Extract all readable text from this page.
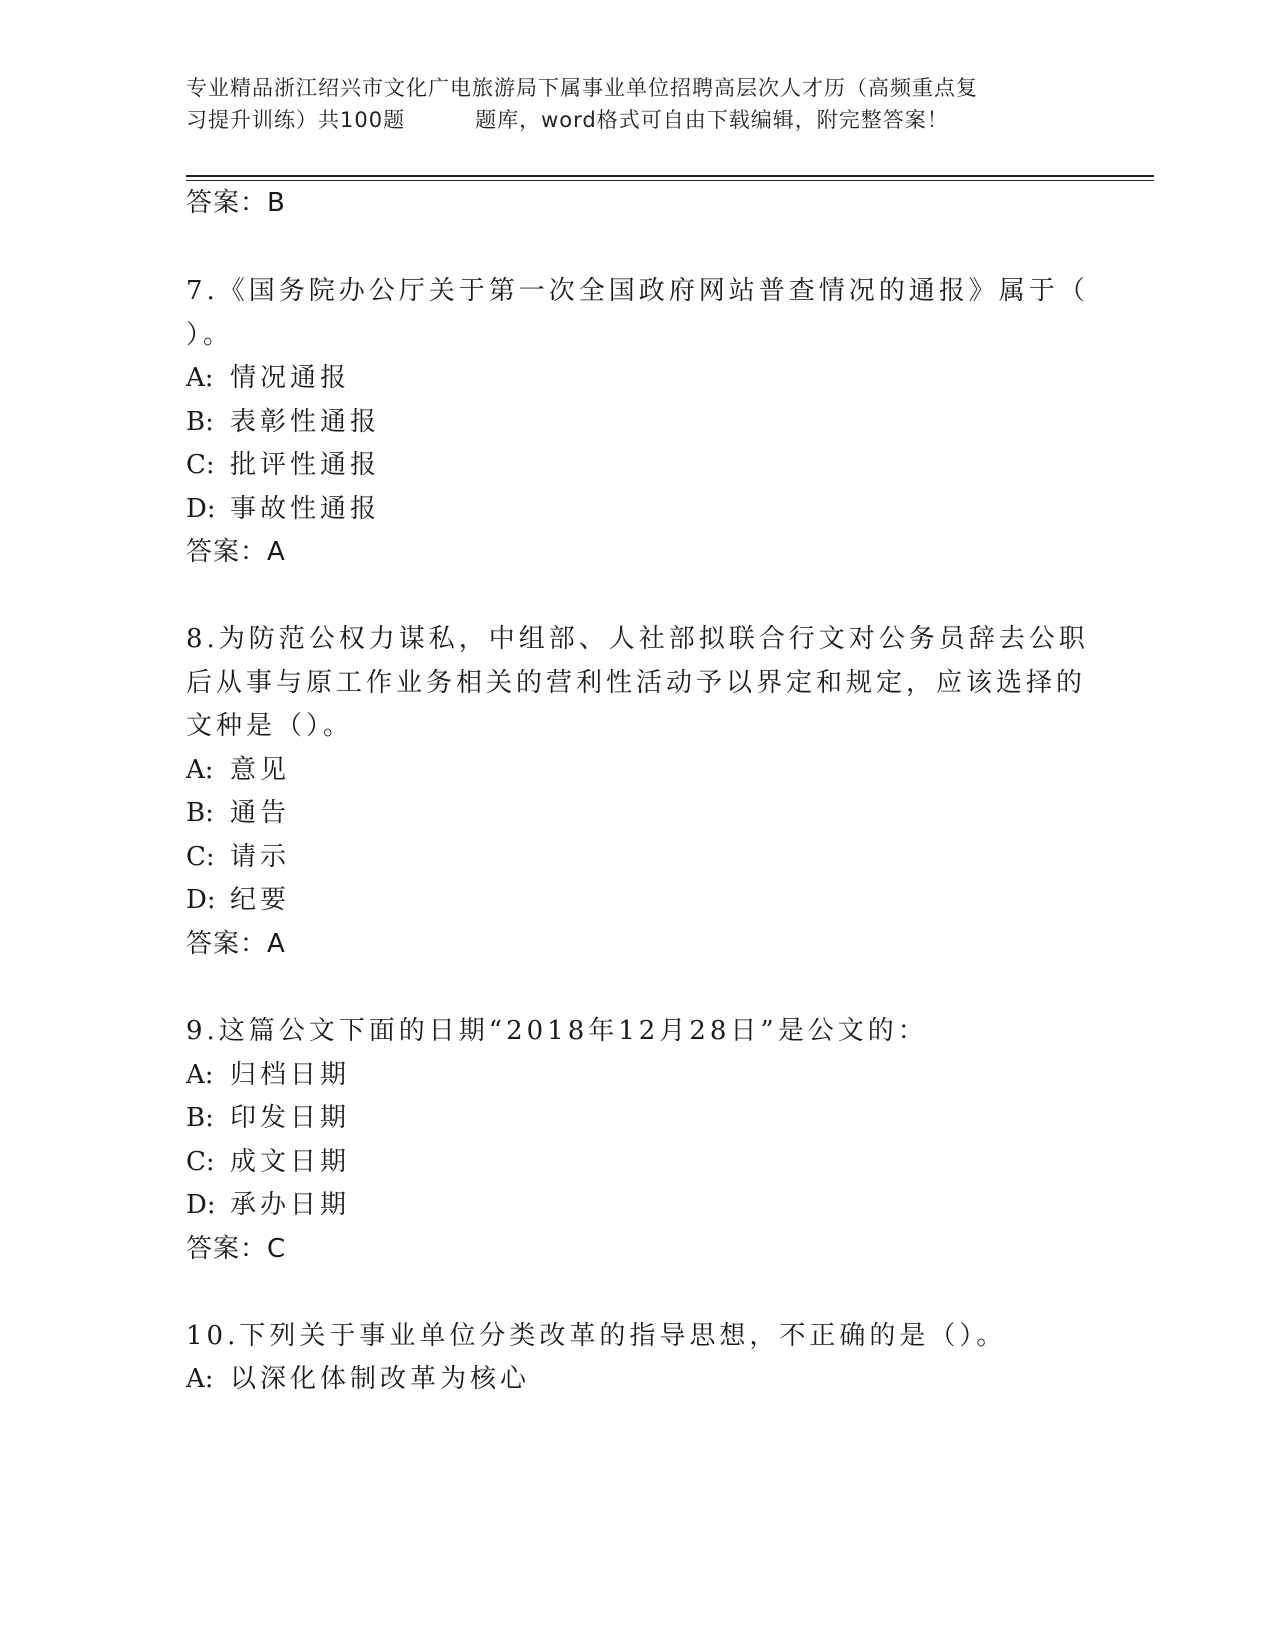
专业精品浙江绍兴市文化广电旅游局下属事业单位招聘高层次人才历（高频重点复
习提升训练）共100题	题库，word格式可自由下载编辑，附完整答案！
答案：B
7.《国务院办公厅关于第一次全国政府网站普查情况的通报》属于（
）。
A: 情况通报
B: 表彰性通报
C: 批评性通报
D: 事故性通报
答案：A
8.为防范公权力谋私，中组部、人社部拟联合行文对公务员辞去公职
后从事与原工作业务相关的营利性活动予以界定和规定，应该选择的
文种是（）。
A: 意见
B: 通告
C: 请示
D: 纪要
答案：A
9.这篇公文下面的日期“2018年12月28日”是公文的：
A: 归档日期
B: 印发日期
C: 成文日期
D: 承办日期
答案：C
10.下列关于事业单位分类改革的指导思想，不正确的是（）。
A: 以深化体制改革为核心
